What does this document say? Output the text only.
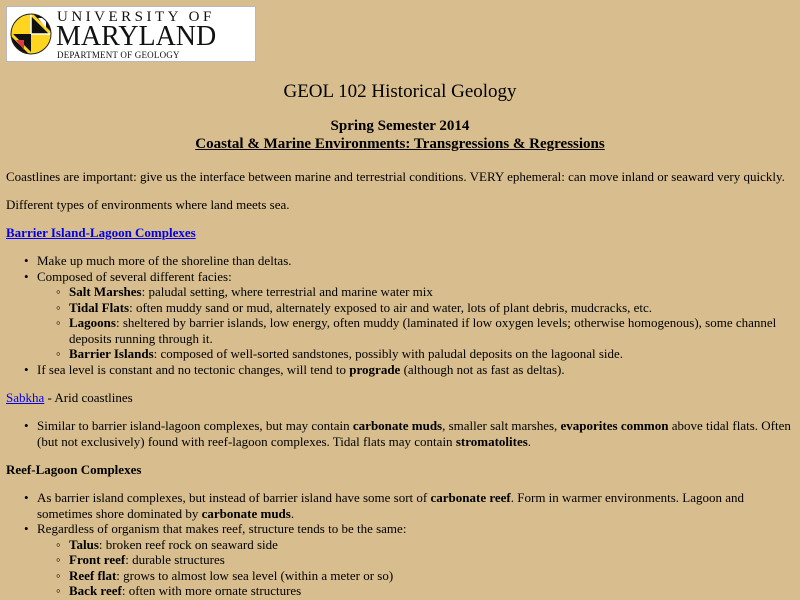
UNIVERSITY OF
MARYLAND
DEPARTMENT OF GEOLOGY
GEOL 102 Historical Geology
Spring Semester 2014
Coastal & Marine Environments: Transgressions & Regressions

Coastlines are important: give us the interface between marine and terrestrial conditions. VERY ephemeral: can move inland or seaward very quickly.

Different types of environments where land meets sea.

Barrier Island-Lagoon Complexes

• Make up much more of the shoreline than deltas.
• Composed of several different facies:
◦ Salt Marshes: paludal setting, where terrestrial and marine water mix
◦ Tidal Flats: often muddy sand or mud, alternately exposed to air and water, lots of plant debris, mudcracks, etc.
◦ Lagoons: sheltered by barrier islands, low energy, often muddy (laminated if low oxygen levels; otherwise homogenous), some channel deposits running through it.
◦ Barrier Islands: composed of well-sorted sandstones, possibly with paludal deposits on the lagoonal side.
• If sea level is constant and no tectonic changes, will tend to prograde (although not as fast as deltas).

Sabkha - Arid coastlines

• Similar to barrier island-lagoon complexes, but may contain carbonate muds, smaller salt marshes, evaporites common above tidal flats. Often (but not exclusively) found with reef-lagoon complexes. Tidal flats may contain stromatolites.

Reef-Lagoon Complexes

• As barrier island complexes, but instead of barrier island have some sort of carbonate reef. Form in warmer environments. Lagoon and sometimes shore dominated by carbonate muds.
• Regardless of organism that makes reef, structure tends to be the same:
◦ Talus: broken reef rock on seaward side
◦ Front reef: durable structures
◦ Reef flat: grows to almost low sea level (within a meter or so)
◦ Back reef: often with more ornate structures
